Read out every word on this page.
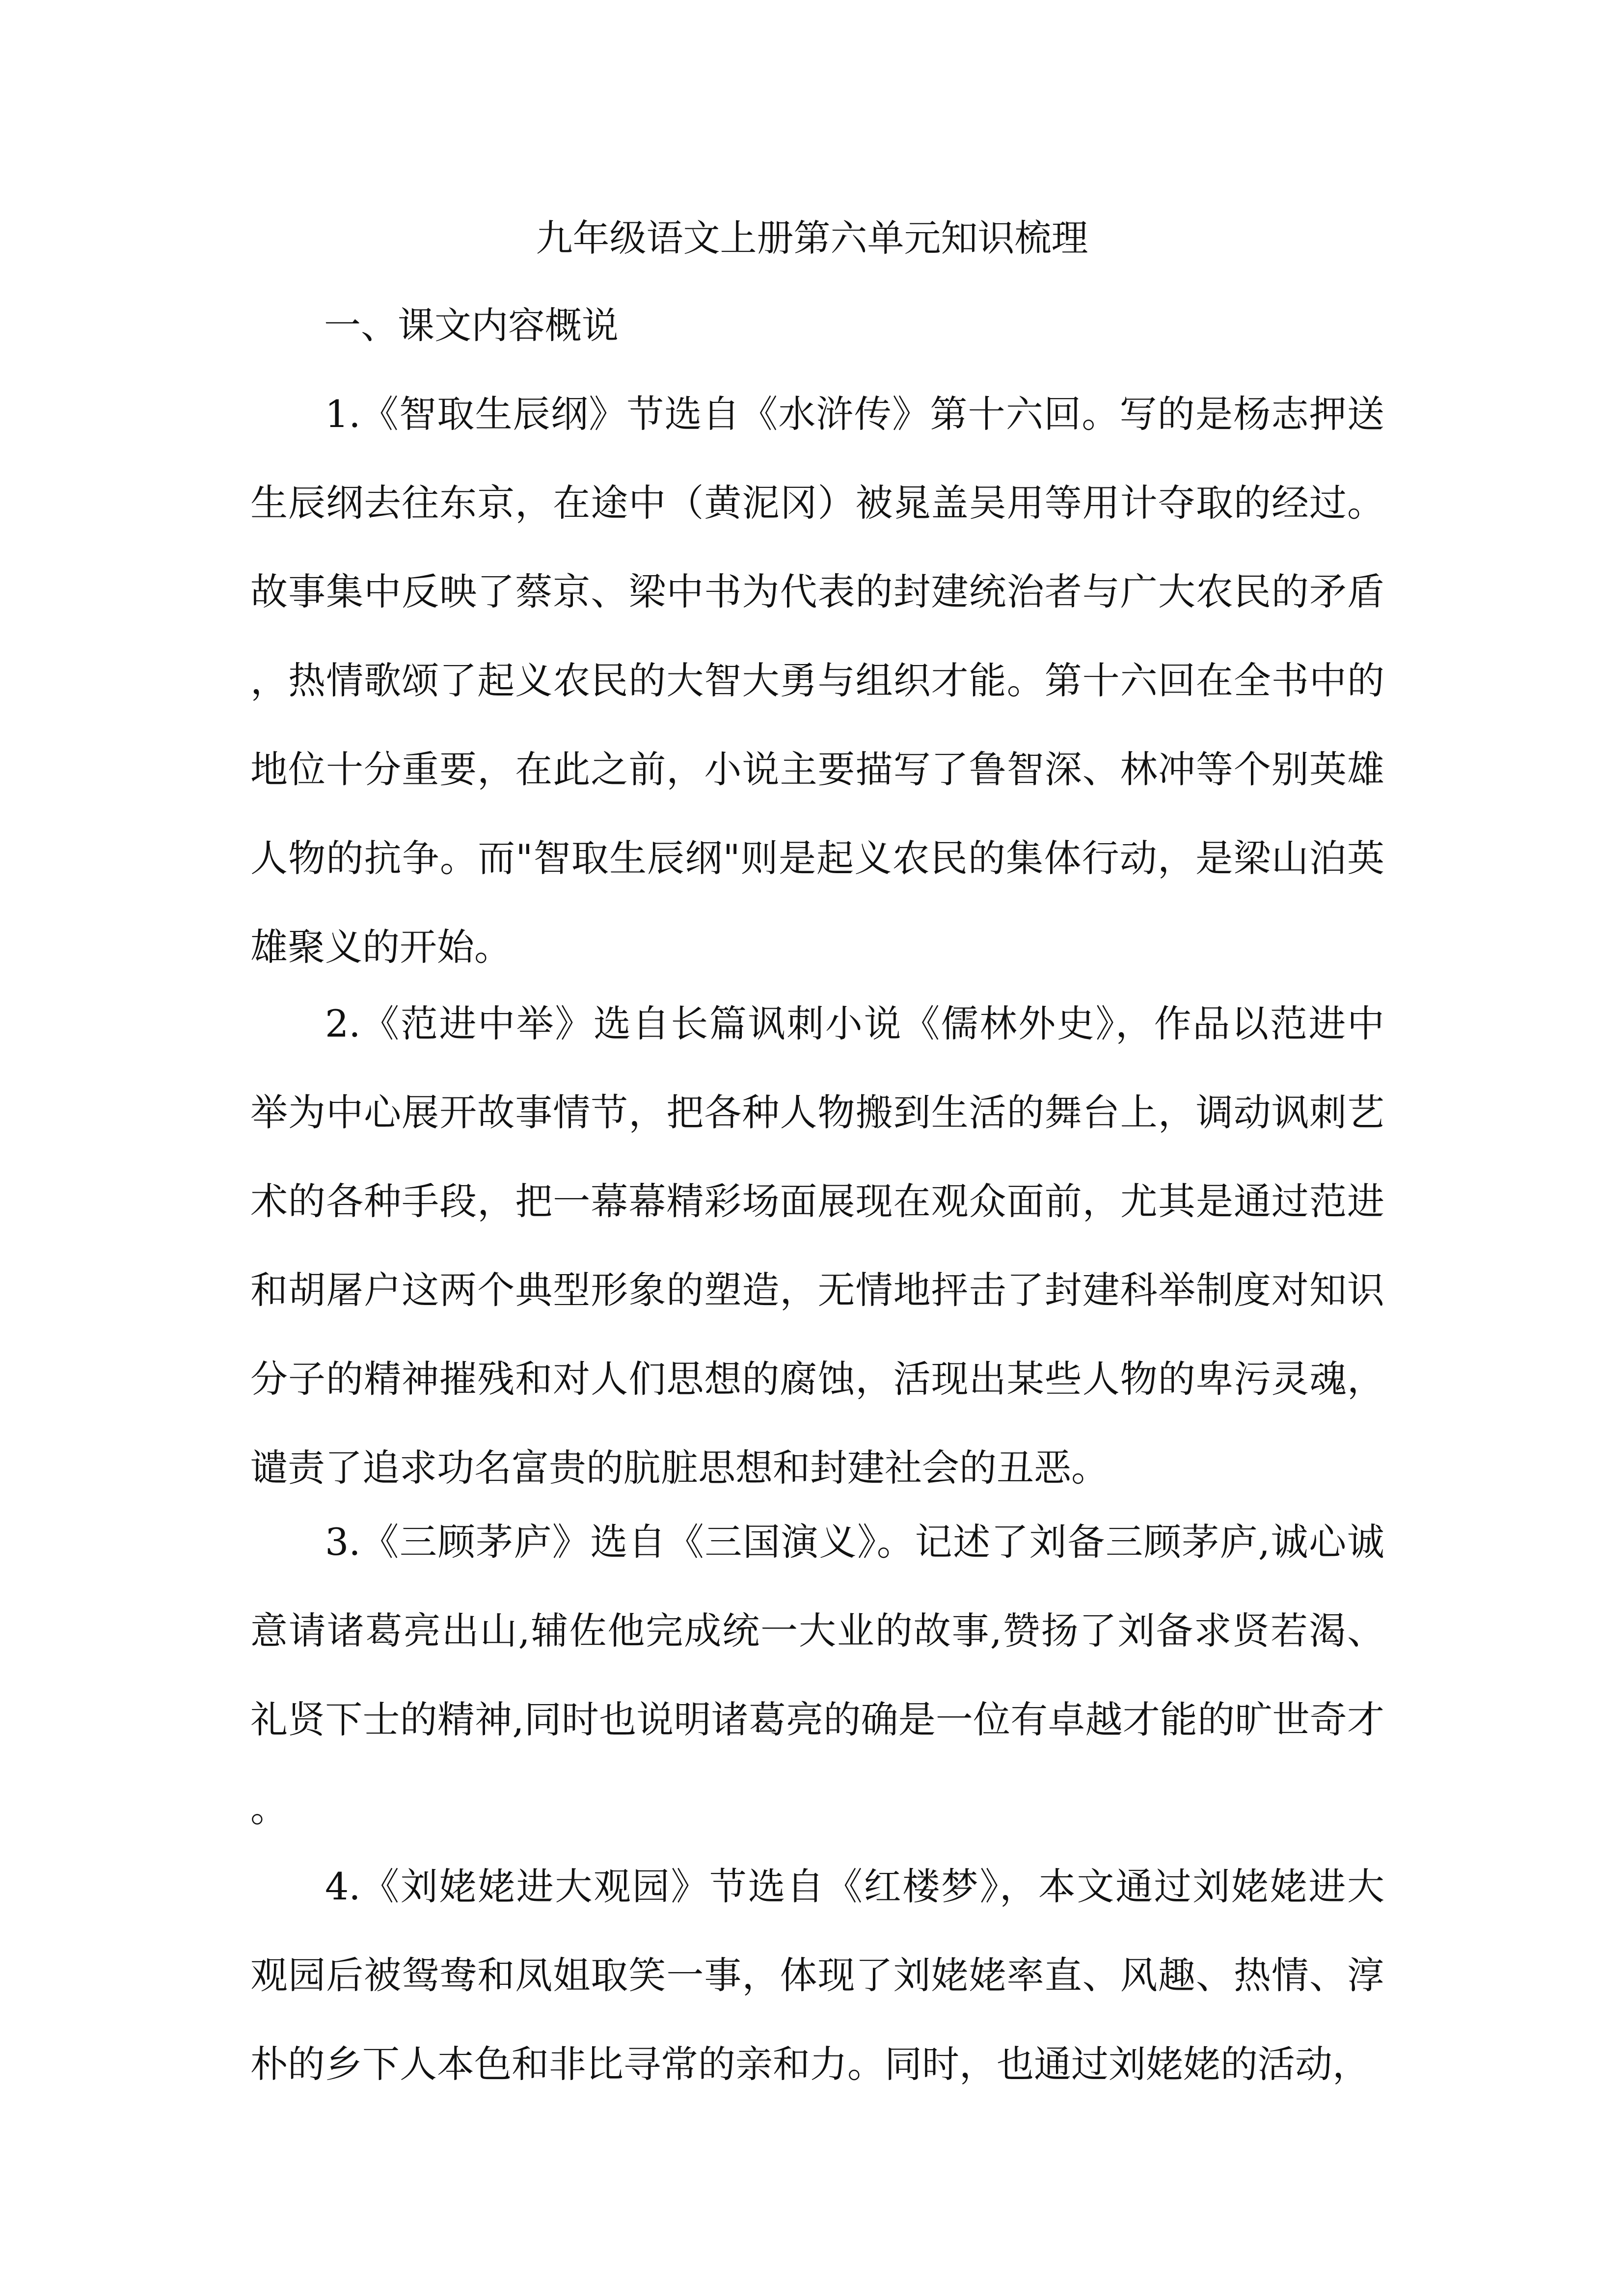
九年级语文上册第六单元知识梳理
一、课文内容概说

1.《智取生辰纲》节选自《水浒传》第十六回。写的是杨志押送生辰纲去往东京，在途中（黄泥冈）被晁盖吴用等用计夺取的经过。故事集中反映了蔡京、梁中书为代表的封建统治者与广大农民的矛盾，热情歌颂了起义农民的大智大勇与组织才能。第十六回在全书中的地位十分重要，在此之前，小说主要描写了鲁智深、林冲等个别英雄人物的抗争。而"智取生辰纲"则是起义农民的集体行动，是梁山泊英雄聚义的开始。

2.《范进中举》选自长篇讽刺小说《儒林外史》，作品以范进中举为中心展开故事情节，把各种人物搬到生活的舞台上，调动讽刺艺术的各种手段，把一幕幕精彩场面展现在观众面前，尤其是通过范进和胡屠户这两个典型形象的塑造，无情地抨击了封建科举制度对知识分子的精神摧残和对人们思想的腐蚀，活现出某些人物的卑污灵魂，谴责了追求功名富贵的肮脏思想和封建社会的丑恶。

3.《三顾茅庐》选自《三国演义》。记述了刘备三顾茅庐,诚心诚意请诸葛亮出山,辅佐他完成统一大业的故事,赞扬了刘备求贤若渴、礼贤下士的精神,同时也说明诸葛亮的确是一位有卓越才能的旷世奇才。

4.《刘姥姥进大观园》节选自《红楼梦》，本文通过刘姥姥进大观园后被鸳鸯和凤姐取笑一事，体现了刘姥姥率直、风趣、热情、淳朴的乡下人本色和非比寻常的亲和力。同时，也通过刘姥姥的活动，
